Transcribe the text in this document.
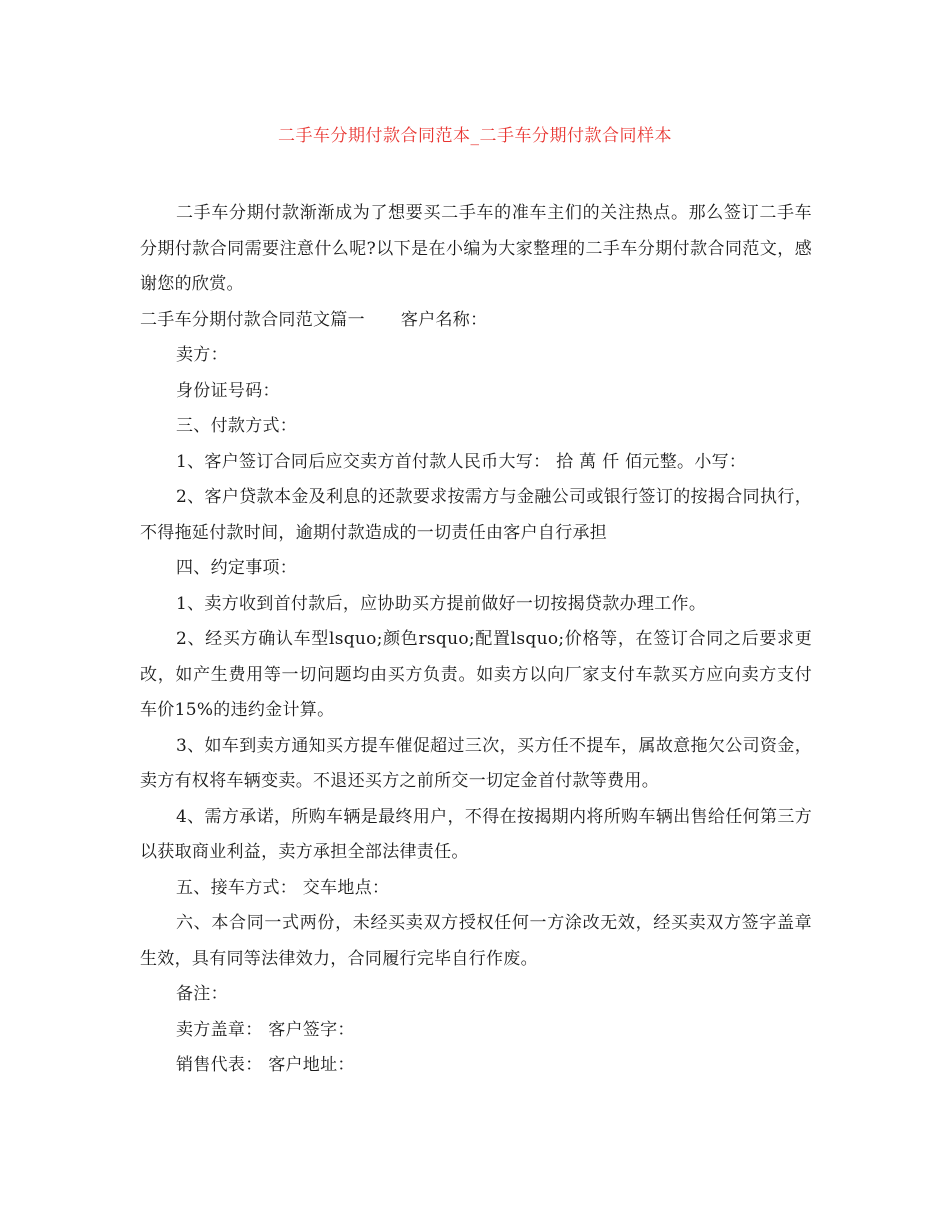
二手车分期付款合同范本_二手车分期付款合同样本

二手车分期付款渐渐成为了想要买二手车的准车主们的关注热点。那么签订二手车分期付款合同需要注意什么呢?以下是在小编为大家整理的二手车分期付款合同范文，感谢您的欣赏。

二手车分期付款合同范文篇一 客户名称：

卖方：

身份证号码：

三、付款方式：

1、客户签订合同后应交卖方首付款人民币大写： 拾 萬 仟 佰元整。小写：

2、客户贷款本金及利息的还款要求按需方与金融公司或银行签订的按揭合同执行，不得拖延付款时间，逾期付款造成的一切责任由客户自行承担

四、约定事项：

1、卖方收到首付款后，应协助买方提前做好一切按揭贷款办理工作。

2、经买方确认车型lsquo;颜色rsquo;配置lsquo;价格等，在签订合同之后要求更改，如产生费用等一切问题均由买方负责。如卖方以向厂家支付车款买方应向卖方支付车价15%的违约金计算。

3、如车到卖方通知买方提车催促超过三次，买方任不提车，属故意拖欠公司资金，卖方有权将车辆变卖。不退还买方之前所交一切定金首付款等费用。

4、需方承诺，所购车辆是最终用户，不得在按揭期内将所购车辆出售给任何第三方以获取商业利益，卖方承担全部法律责任。

五、接车方式： 交车地点：

六、本合同一式两份，未经买卖双方授权任何一方涂改无效，经买卖双方签字盖章生效，具有同等法律效力，合同履行完毕自行作废。

备注：

卖方盖章： 客户签字：

销售代表： 客户地址：
